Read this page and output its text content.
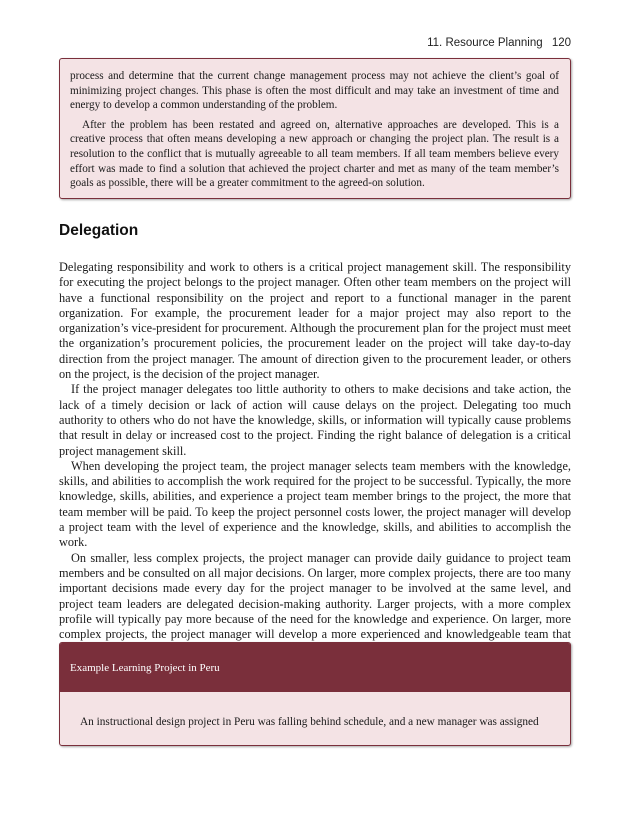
11. Resource Planning 120

process and determine that the current change management process may not achieve the client’s goal of minimizing project changes. This phase is often the most difficult and may take an investment of time and energy to develop a common understanding of the problem.

After the problem has been restated and agreed on, alternative approaches are developed. This is a creative process that often means developing a new approach or changing the project plan. The result is a resolution to the conflict that is mutually agreeable to all team members. If all team members believe every effort was made to find a solution that achieved the project charter and met as many of the team member’s goals as possible, there will be a greater commitment to the agreed-on solution.

Delegation

Delegating responsibility and work to others is a critical project management skill. The responsibility for executing the project belongs to the project manager. Often other team members on the project will have a functional responsibility on the project and report to a functional manager in the parent organization. For example, the procurement leader for a major project may also report to the organization’s vice-president for procurement. Although the procurement plan for the project must meet the organization’s procurement policies, the procurement leader on the project will take day-to-day direction from the project manager. The amount of direction given to the procurement leader, or others on the project, is the decision of the project manager.

If the project manager delegates too little authority to others to make decisions and take action, the lack of a timely decision or lack of action will cause delays on the project. Delegating too much authority to others who do not have the knowledge, skills, or information will typically cause problems that result in delay or increased cost to the project. Finding the right balance of delegation is a critical project management skill.

When developing the project team, the project manager selects team members with the knowledge, skills, and abilities to accomplish the work required for the project to be successful. Typically, the more knowledge, skills, abilities, and experience a project team member brings to the project, the more that team member will be paid. To keep the project personnel costs lower, the project manager will develop a project team with the level of experience and the knowledge, skills, and abilities to accomplish the work.

On smaller, less complex projects, the project manager can provide daily guidance to project team members and be consulted on all major decisions. On larger, more complex projects, there are too many important decisions made every day for the project manager to be involved at the same level, and project team leaders are delegated decision-making authority. Larger projects, with a more complex profile will typically pay more because of the need for the knowledge and experience. On larger, more complex projects, the project manager will develop a more experienced and knowledgeable team that

Example Learning Project in Peru
An instructional design project in Peru was falling behind schedule, and a new manager was assigned
